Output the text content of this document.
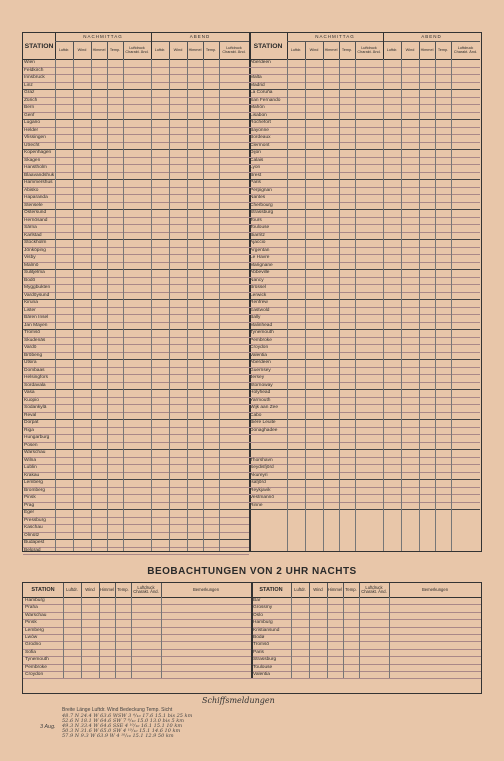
STATION
NACHMITTAG	ABEND
Luftdr.	Wind	Himmel	Temp.	Luftdruck Charakt. Änd.	Luftdr.	Wind	Himmel	Temp.	Luftdruck Charakt. Änd.
Wien
Feldkirch
Innsbruck
Linz
Graz
Zürich
Bern
Genf
Lugano
Helder
Vlissingen
Utrecht
Kopenhagen
Skagen
Hanstholm
Blaavandshuk
Hammershus
Abisko
Haparanda
Stensele
Östersund
Hernösand
Särna
Karlstad
Stockholm
Jönköping
Visby
Malmö
Sulitjelma
Bodö
Myggbukten
Vardöysund
Kiruna
Lister
Bären Insel
Jan Mayen
Tromsö
Skudenäs
Vardö
Bröbeng
Utsira
Dombaas
Helsingfors
Sordavala
Vasa
Kuopio
Sodankylä
Reval
Dorpat
Riga
Hungarburg
Posen
Warschau
Wilna
Lublin
Krakau
Lemberg
Bromberg
Pinsk
Prag
Eger
Pressburg
Kaschau
Olmütz
Budapest
Belgrad
STATION
NACHMITTAG	ABEND
Luftdr.	Wind	Himmel	Temp.	Luftdruck Charakt. Änd.	Luftdr.	Wind	Himmel	Temp.	Luftdruck Charakt. Änd.
Aberdeen
Malta
Madrid
La Coruña
San Fernando
Mahón
Lisabon
Rochefort
Bayonne
Bordeaux
Clermont
Dijon
Calais
Lyon
Brest
Paris
Perpignan
Nantes
Cherbourg
Strassburg
Tours
Toulouse
Biarritz
Ajaccio
Argentan
Le Havre
Marignane
Abbeville
Nancy
Brüssel
Lerwick
Renfrew
Eastwold
Bally
Malinhead
Tynemouth
Pembroke
Croydon
Valentia
Aberdeen
Guernsey
Jersey
Stornoway
Holyhead
Yarmouth
Wijk aan Zee
Cabo
Bière Leuite
Donaghadee
Thorshavn
Seydisfjörd
Akureyri
Isafjörd
Reykjavik
Vestmannö
Rinne
BEOBACHTUNGEN VON 2 UHR NACHTS
STATION	Luftdr.	Wind	Himmel Temp.	Luftdruck Charakt. Änd.	Bemerkungen	STATION	Luftdr.	Wind	Himmel Temp.	Luftdruck Charakt. Änd.	Bemerkungen
Hamburg	Bar
Praha	Grossmy
Warschau	Oslo
Pinsk	Hamburg
Lemberg	Kristiansund
Lwów	Bodø
Grodno	Tromsö
Sofia	Paris
Tynemouth	Strassburg
Pembroke	Toulouse
Croydon	Valentia
Schiffsmeldungen
Breite Länge Luftdr. Wind Bedeckung Temp. Sicht
3 Aug.
48.7 N 24.4 W 63.6 WSW 3 ⁴/₁₀ 17.6 15.1 bis 25 km
52.6 N 18.1 W 64.6 SW 7 ⁸/₁₀ 15.0 13.0 bis 5 km
49.3 N 33.4 W 64.6 SSE 4 ¹⁰/₁₀ 16.1 15.1 10 km
50.3 N 31.6 W 65.0 SW 4 ¹⁰/₁₀ 15.1 14.6 10 km
57.9 N 9.3 W 63.9 W 4 ¹⁰/₁₀ 15.1 12.9 50 km
